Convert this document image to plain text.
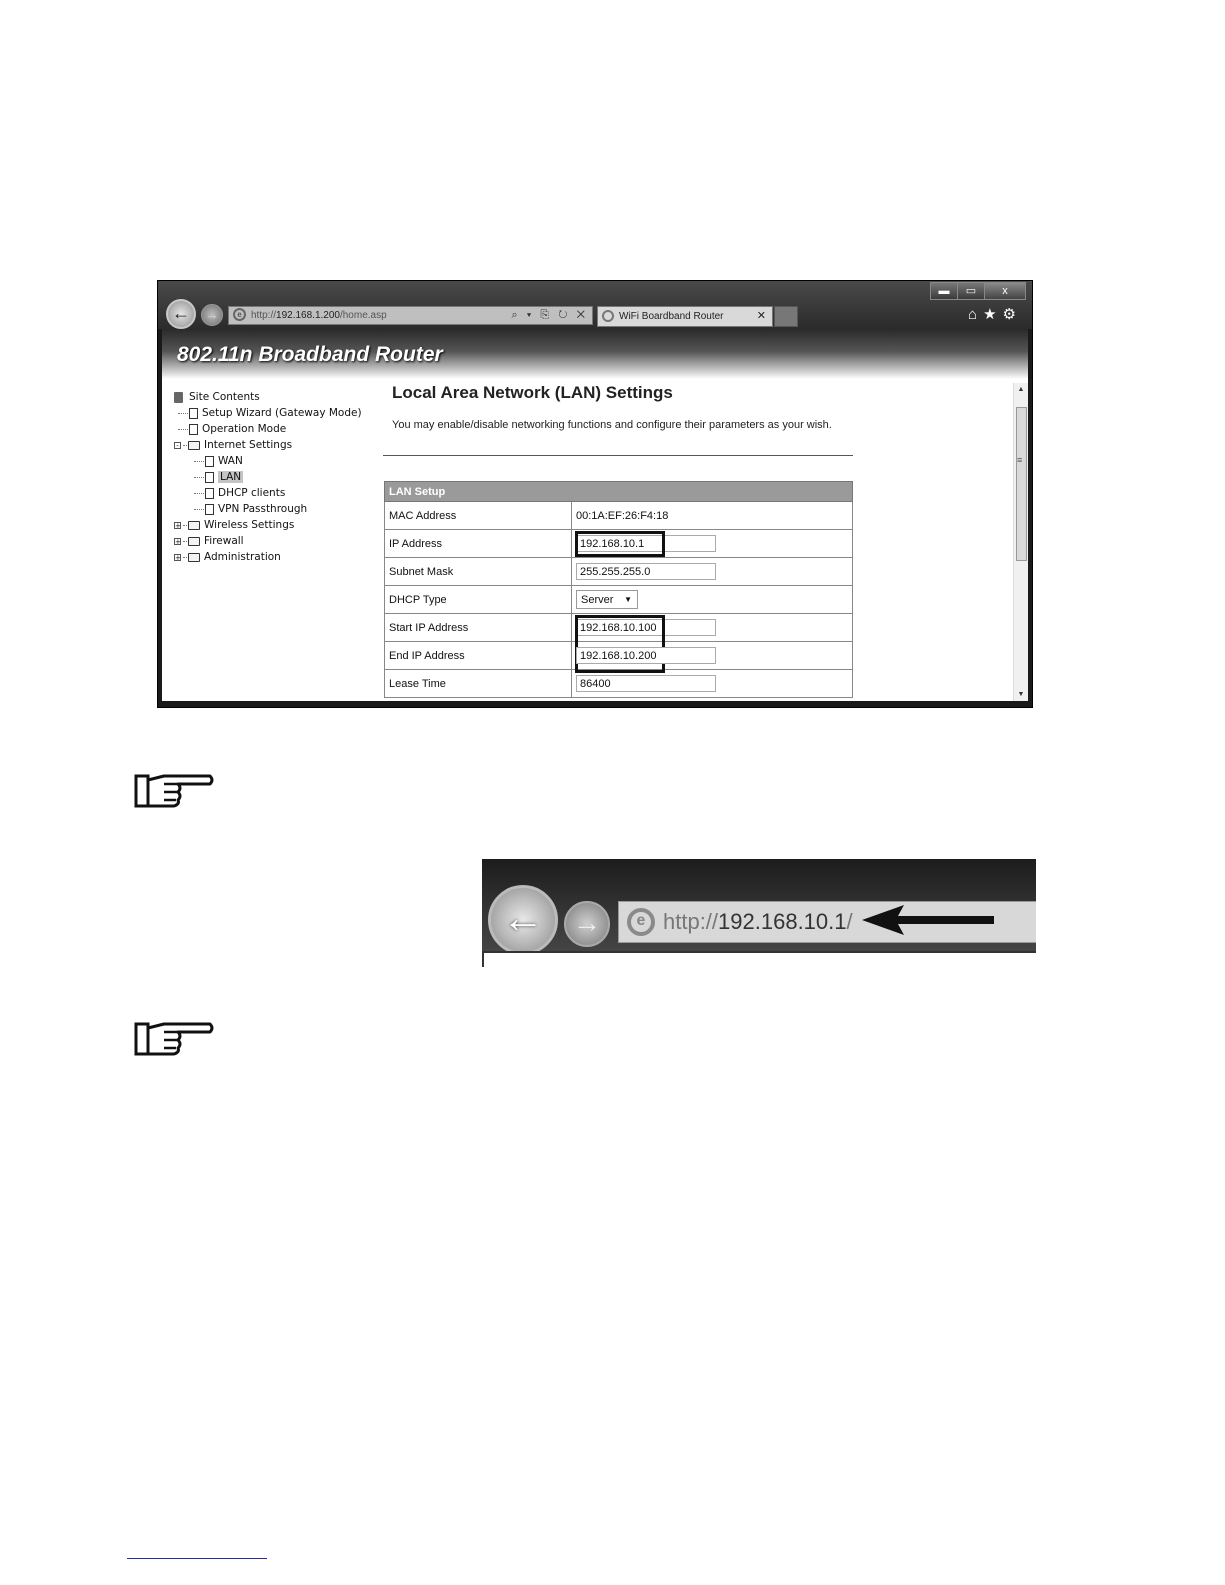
▬	▭	x
←	→	e http://192.168.1.200/home.asp	⌕ ▾ ⎘ ↻ ✕	WiFi Boardband Router	✕	⌂★⚙
802.11n Broadband Router
Site Contents
Setup Wizard (Gateway Mode)
Operation Mode
- Internet Settings
WAN
LAN
DHCP clients
VPN Passthrough
+ Wireless Settings
+ Firewall
+ Administration
Local Area Network (LAN) Settings
You may enable/disable networking functions and configure their parameters as your wish.
LAN Setup	
MAC Address	00:1A:EF:26:F4:18
IP Address	192.168.10.1
Subnet Mask	255.255.255.0
DHCP Type	Server ▼

Start IP Address	192.168.10.100
End IP Address	192.168.10.200
Lease Time	86400
▲
≡
▼
←	→	e http://192.168.10.1/
